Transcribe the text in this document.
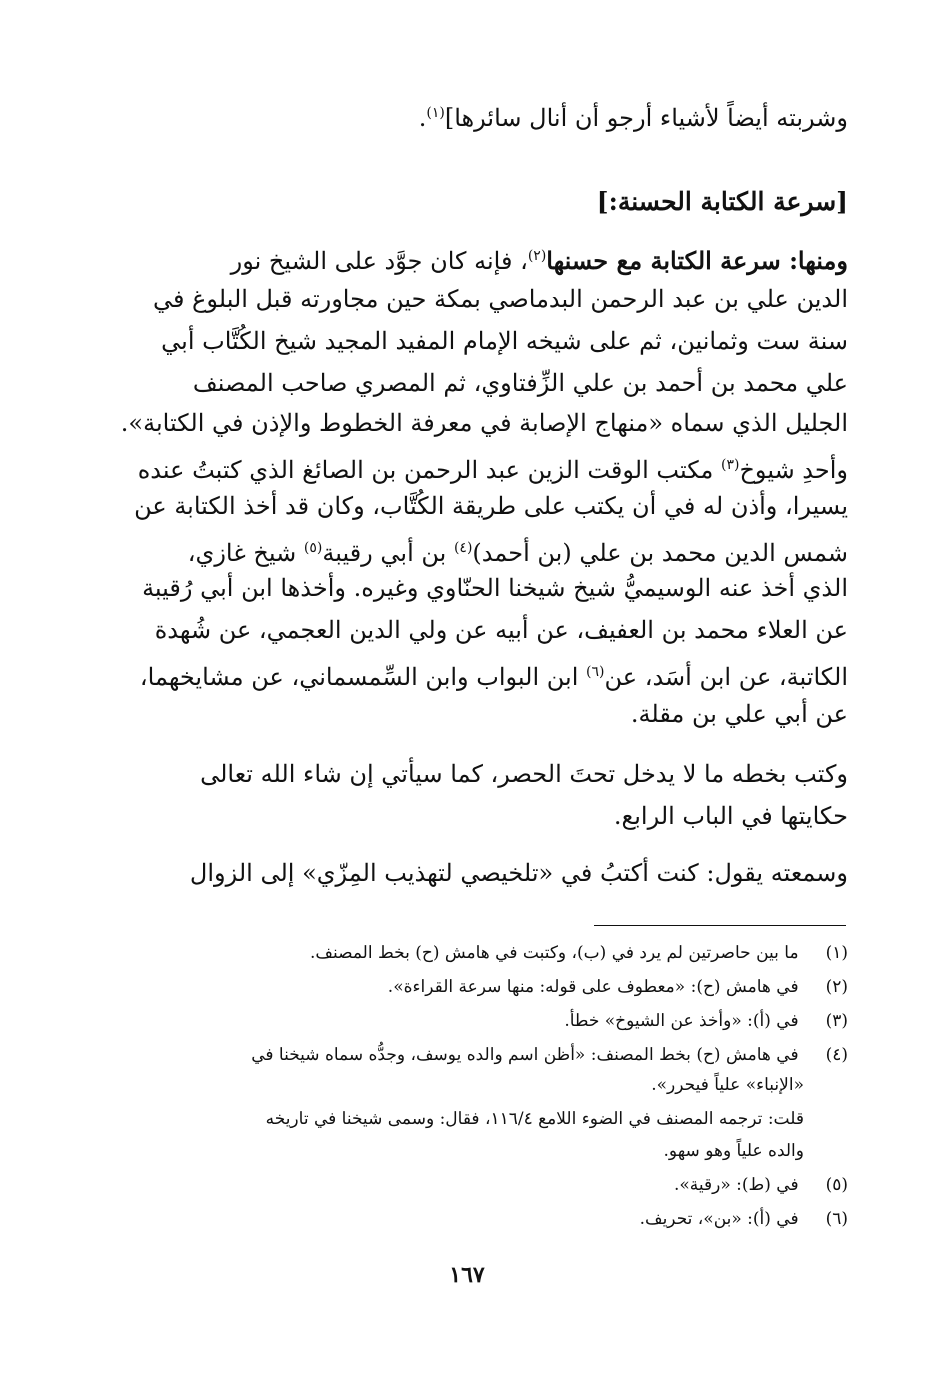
وشربته أيضاً لأشياء أرجو أن أنال سائرها]$^{(١)}$.
[سرعة الكتابة الحسنة:]
ومنها: سرعة الكتابة مع حسنها$^{(٢)}$، فإنه كان جوَّد على الشيخ نور
الدين علي بن عبد الرحمن البدماصي بمكة حين مجاورته قبل البلوغ في
سنة ست وثمانين، ثم على شيخه الإمام المفيد المجيد شيخ الكُتَّاب أبي
علي محمد بن أحمد بن علي الزِّفتاوي، ثم المصري صاحب المصنف
الجليل الذي سماه «منهاج الإصابة في معرفة الخطوط والإذن في الكتابة».
وأحدِ شيوخ$^{(٣)}$ مكتب الوقت الزين عبد الرحمن بن الصائغ الذي كتبتُ عنده
يسيرا، وأذن له في أن يكتب على طريقة الكُتَّاب، وكان قد أخذ الكتابة عن
شمس الدين محمد بن علي (بن أحمد)$^{(٤)}$ بن أبي رقيبة$^{(٥)}$ شيخ غازي،
الذي أخذ عنه الوسيميُّ شيخ شيخنا الحنّاوي وغيره. وأخذها ابن أبي رُقيبة
عن العلاء محمد بن العفيف، عن أبيه عن ولي الدين العجمي، عن شُهدة
الكاتبة، عن ابن أسَد، عن$^{(٦)}$ ابن البواب وابن السِّمسماني، عن مشايخهما،
عن أبي علي بن مقلة.
وكتب بخطه ما لا يدخل تحتَ الحصر، كما سيأتي إن شاء الله تعالى
حكايتها في الباب الرابع.
وسمعته يقول: كنت أكتبُ في «تلخيصي لتهذيب المِزّي» إلى الزوال
(١) ما بين حاصرتين لم يرد في (ب)، وكتبت في هامش (ح) بخط المصنف.
(٢) في هامش (ح): «معطوف على قوله: منها سرعة القراءة».
(٣) في (أ): «وأخذ عن الشيوخ» خطأ.
(٤) في هامش (ح) بخط المصنف: «أظن اسم والده يوسف، وجدُّه سماه شيخنا في
«الإنباء» علياً فيحرر».
قلت: ترجمه المصنف في الضوء اللامع ١١٦/٤، فقال: وسمى شيخنا في تاريخه
والده علياً وهو سهو.
(٥) في (ط): «رقية».
(٦) في (أ): «بن»، تحريف.
١٦٧
